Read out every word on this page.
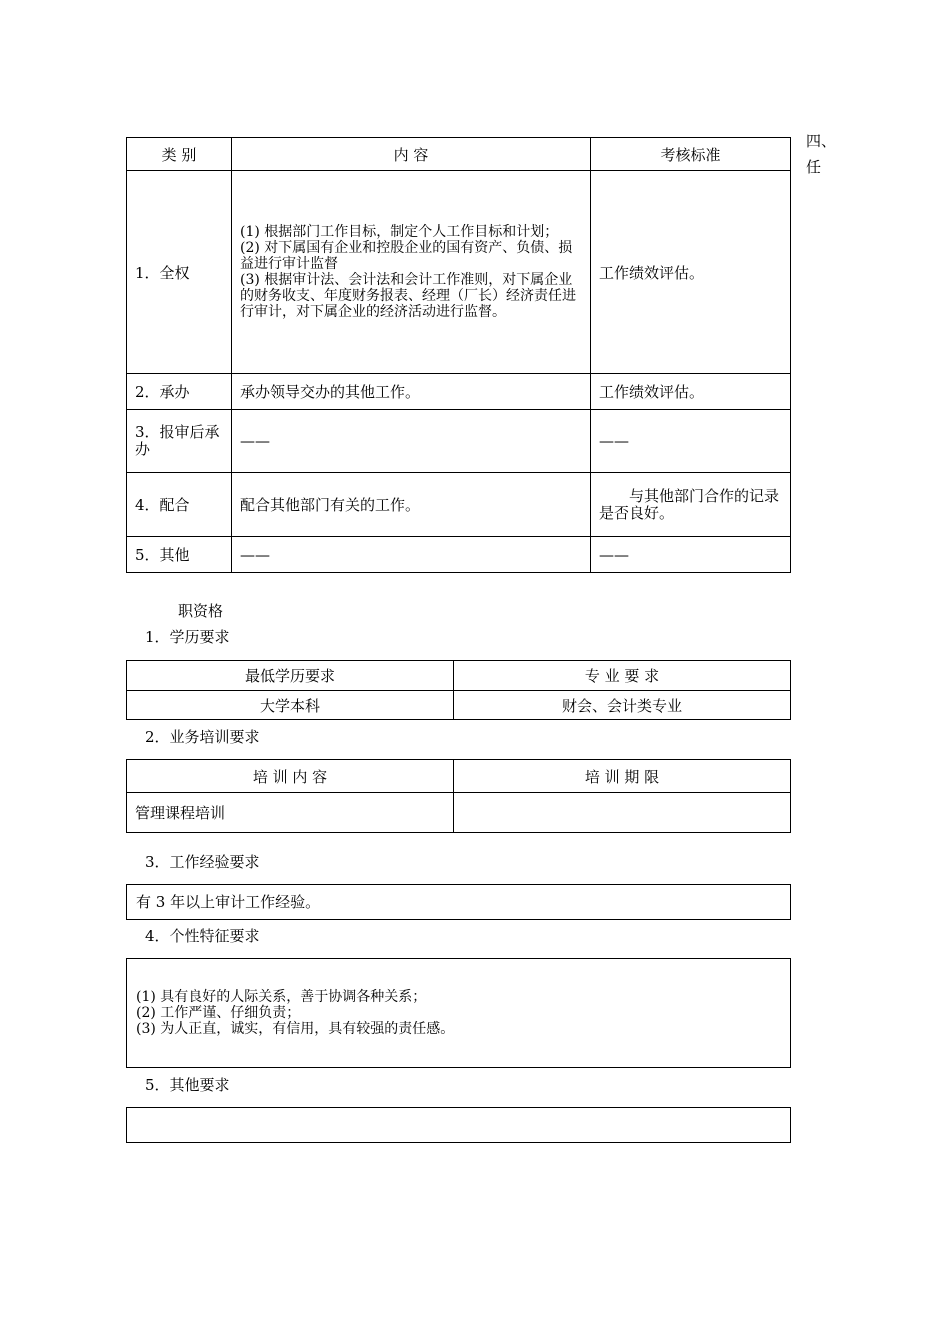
四、
任
类 别	内 容	考核标准
1．全权	(1) 根据部门工作目标，制定个人工作目标和计划；
(2) 对下属国有企业和控股企业的国有资产、负债、损益进行审计监督
(3) 根据审计法、会计法和会计工作准则，对下属企业的财务收支、年度财务报表、经理（厂长）经济责任进行审计，对下属企业的经济活动进行监督。	工作绩效评估。
2．承办	承办领导交办的其他工作。	工作绩效评估。
3．报审后承办	——	——
4．配合	配合其他部门有关的工作。	与其他部门合作的记录是否良好。
5．其他	——	——
职资格
1．学历要求
最低学历要求	专 业 要 求
大学本科	财会、会计类专业
2．业务培训要求
培 训 内 容	培 训 期 限
管理课程培训	
3．工作经验要求
有 3 年以上审计工作经验。
4．个性特征要求
(1) 具有良好的人际关系，善于协调各种关系；
(2) 工作严谨、仔细负责；
(3) 为人正直，诚实，有信用，具有较强的责任感。
5．其他要求
